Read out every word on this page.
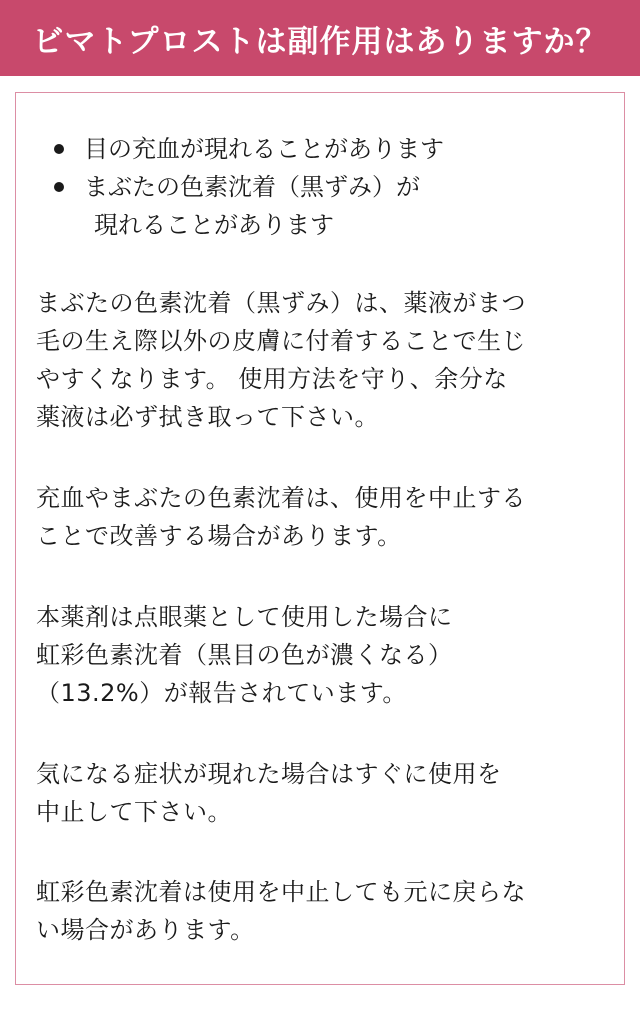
ビマトプロストは副作用はありますか？
目の充血が現れることがあります
まぶたの色素沈着（黒ずみ）が
現れることがあります

まぶたの色素沈着（黒ずみ）は、薬液がまつ
毛の生え際以外の皮膚に付着することで生じ
やすくなります。 使用方法を守り、余分な
薬液は必ず拭き取って下さい。

充血やまぶたの色素沈着は、使用を中止する
ことで改善する場合があります。

本薬剤は点眼薬として使用した場合に
虹彩色素沈着（黒目の色が濃くなる）
（13.2%）が報告されています。

気になる症状が現れた場合はすぐに使用を
中止して下さい。

虹彩色素沈着は使用を中止しても元に戻らな
い場合があります。
